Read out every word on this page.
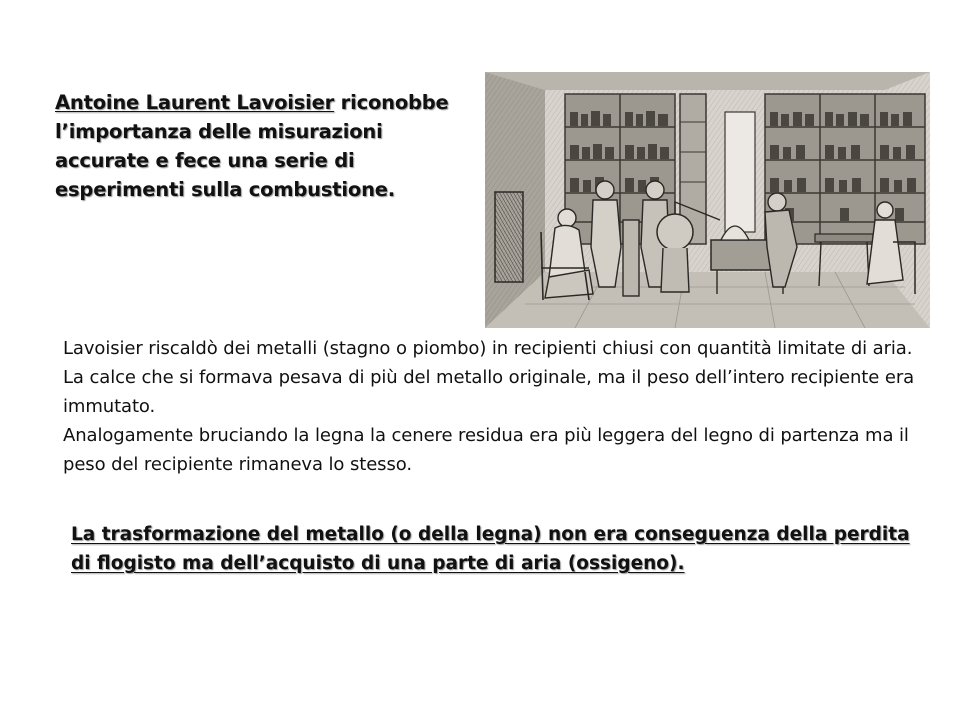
Antoine Laurent Lavoisier riconobbe l’importanza delle misurazioni accurate e fece una serie di esperimenti sulla combustione.

Lavoisier riscaldò dei metalli (stagno o piombo) in recipienti chiusi con quantità limitate di aria. La calce che si formava pesava di più del metallo originale, ma il peso dell’intero recipiente era immutato.

Analogamente bruciando la legna la cenere residua era più leggera del legno di partenza ma il peso del recipiente rimaneva lo stesso.

La trasformazione del metallo (o della legna) non era conseguenza della perdita di flogisto ma dell’acquisto di una parte di aria (ossigeno).
